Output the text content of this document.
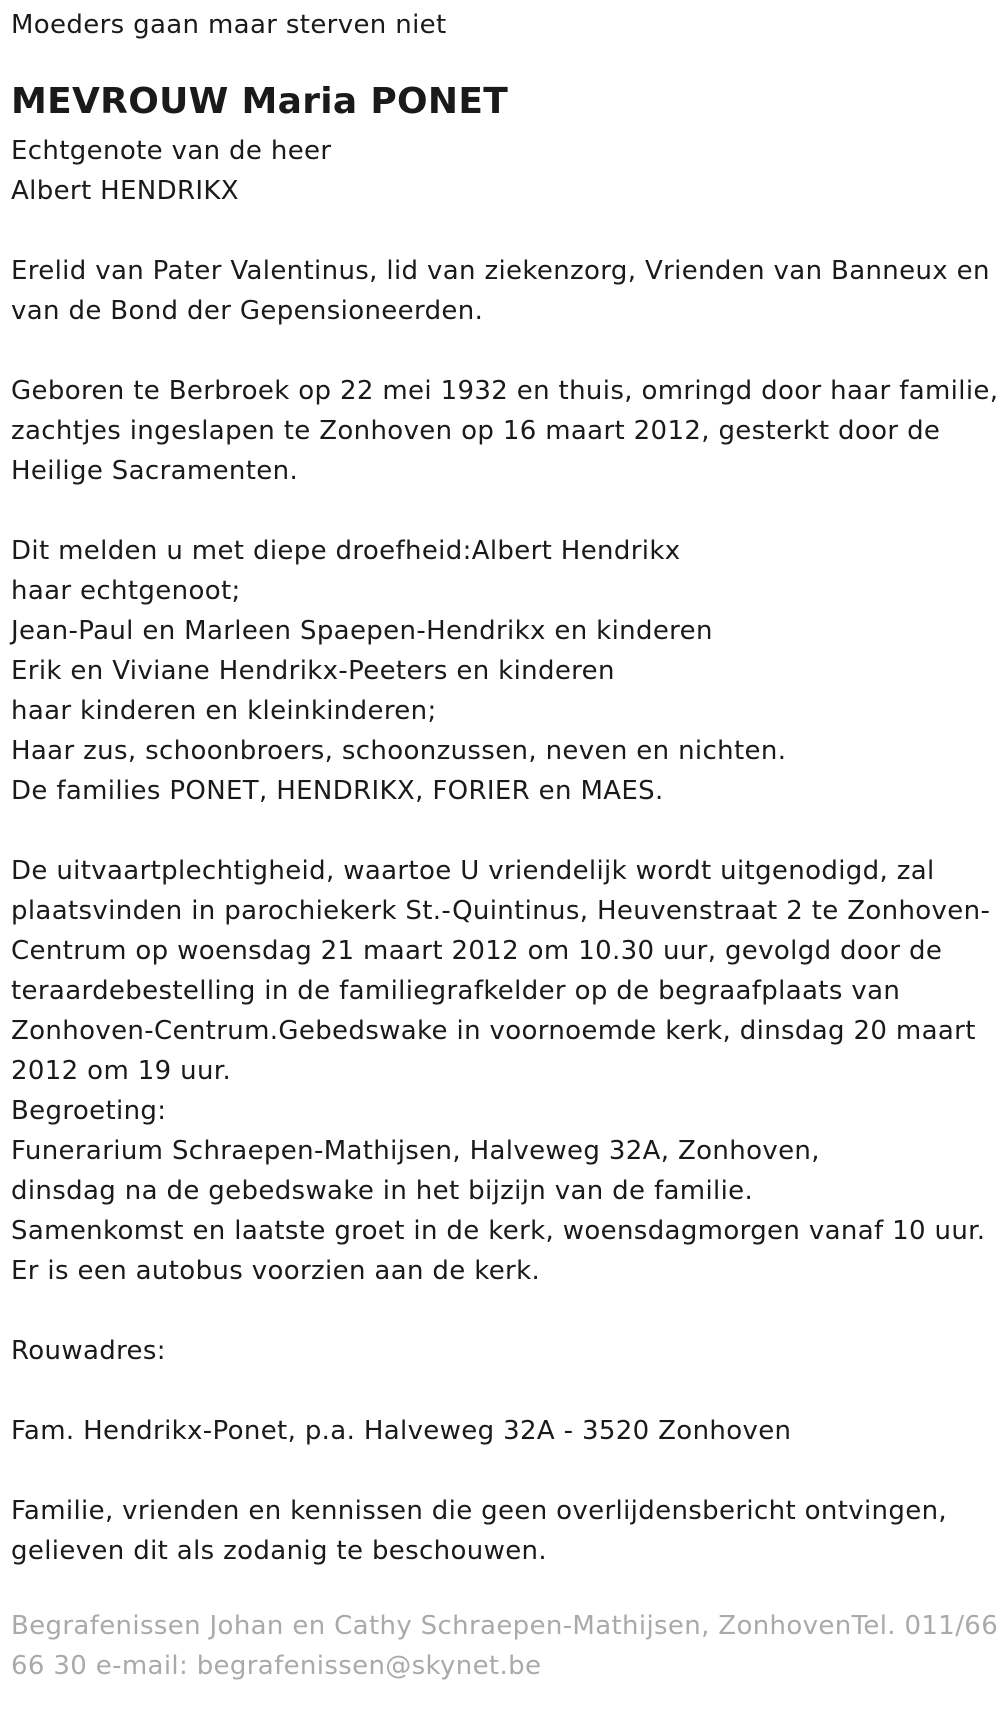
Moeders gaan maar sterven niet
MEVROUW Maria PONET
Echtgenote van de heer
Albert HENDRIKX
Erelid van Pater Valentinus, lid van ziekenzorg, Vrienden van Banneux en
van de Bond der Gepensioneerden.
Geboren te Berbroek op 22 mei 1932 en thuis, omringd door haar familie,
zachtjes ingeslapen te Zonhoven op 16 maart 2012, gesterkt door de
Heilige Sacramenten.
Dit melden u met diepe droefheid:Albert Hendrikx
haar echtgenoot;
Jean-Paul en Marleen Spaepen-Hendrikx en kinderen
Erik en Viviane Hendrikx-Peeters en kinderen
haar kinderen en kleinkinderen;
Haar zus, schoonbroers, schoonzussen, neven en nichten.
De families PONET, HENDRIKX, FORIER en MAES.
De uitvaartplechtigheid, waartoe U vriendelijk wordt uitgenodigd, zal
plaatsvinden in parochiekerk St.-Quintinus, Heuvenstraat 2 te Zonhoven-
Centrum op woensdag 21 maart 2012 om 10.30 uur, gevolgd door de
teraardebestelling in de familiegrafkelder op de begraafplaats van
Zonhoven-Centrum.Gebedswake in voornoemde kerk, dinsdag 20 maart
2012 om 19 uur.
Begroeting:
Funerarium Schraepen-Mathijsen, Halveweg 32A, Zonhoven,
dinsdag na de gebedswake in het bijzijn van de familie.
Samenkomst en laatste groet in de kerk, woensdagmorgen vanaf 10 uur.
Er is een autobus voorzien aan de kerk.
Rouwadres:
Fam. Hendrikx-Ponet, p.a. Halveweg 32A - 3520 Zonhoven
Familie, vrienden en kennissen die geen overlijdensbericht ontvingen,
gelieven dit als zodanig te beschouwen.
Begrafenissen Johan en Cathy Schraepen-Mathijsen, ZonhovenTel. 011/66
66 30 e-mail: begrafenissen@skynet.be
